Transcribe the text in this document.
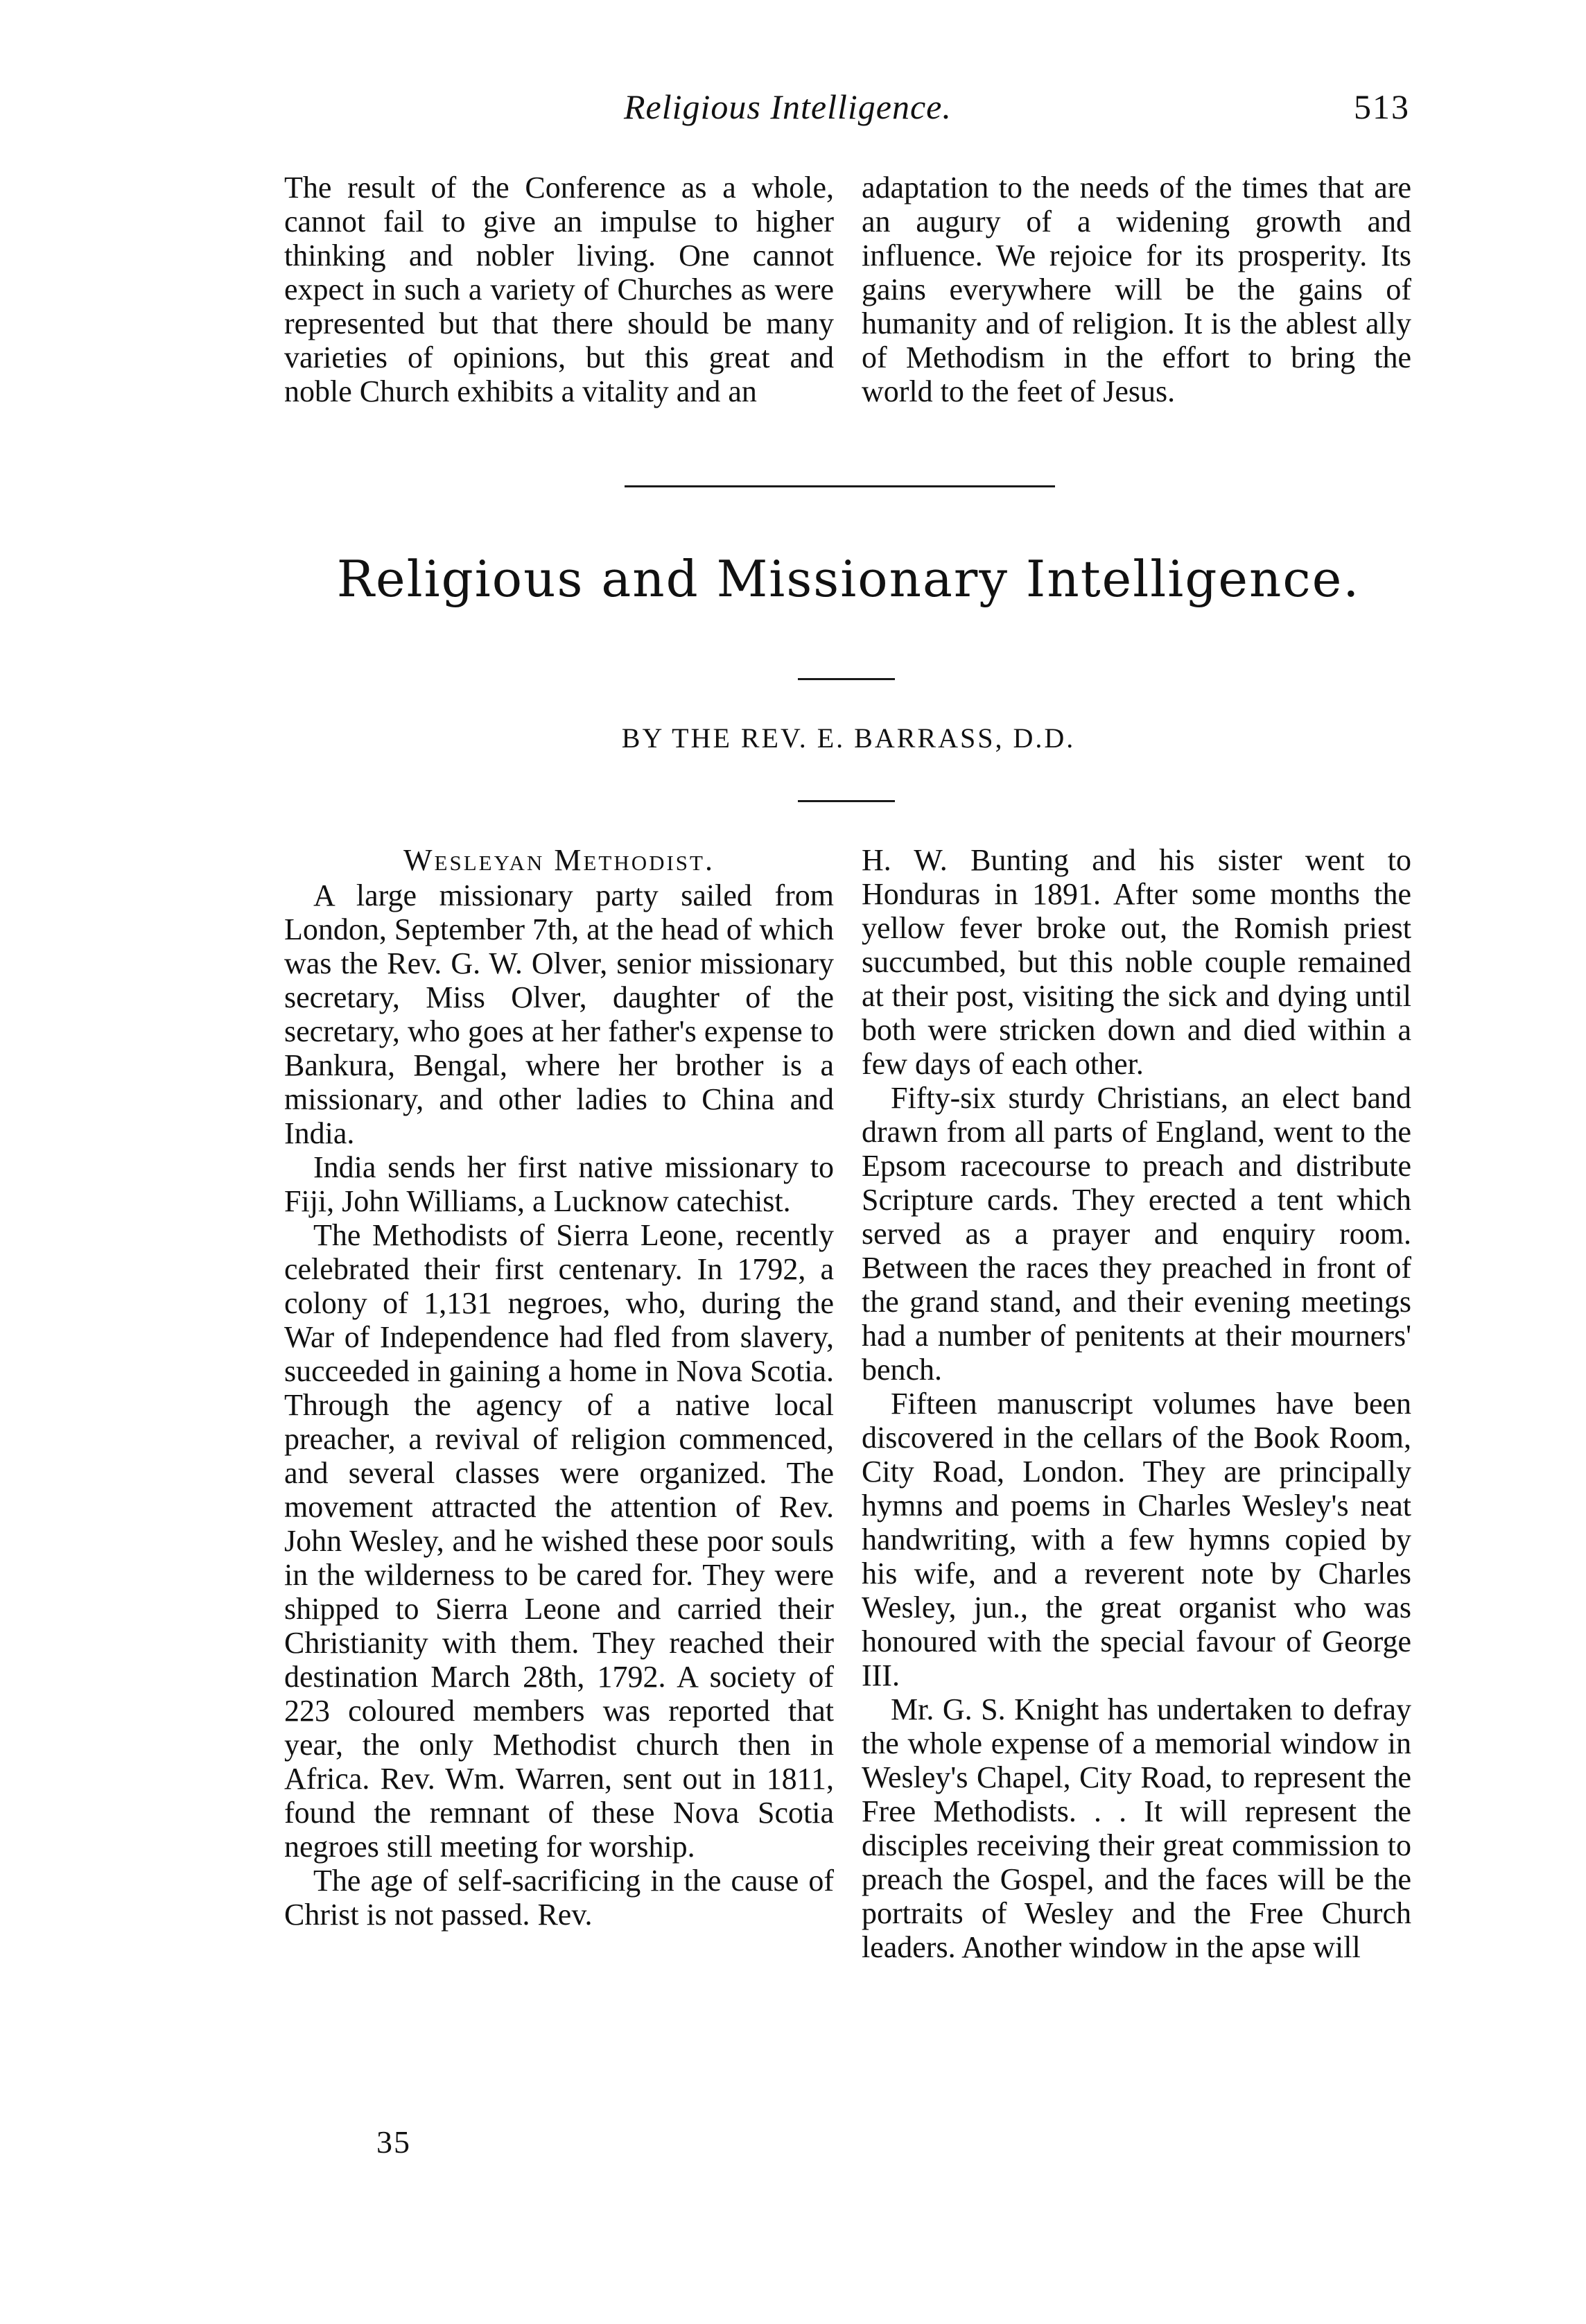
Religious Intelligence.	513

The result of the Conference as a whole, cannot fail to give an impulse to higher thinking and nobler living. One cannot expect in such a variety of Churches as were represented but that there should be many varieties of opinions, but this great and noble Church exhibits a vitality and an

adaptation to the needs of the times that are an augury of a widening growth and influence. We rejoice for its prosperity. Its gains everywhere will be the gains of humanity and of religion. It is the ablest ally of Methodism in the effort to bring the world to the feet of Jesus.

Religious and Missionary Intelligence.
BY THE REV. E. BARRASS, D.D.
Wesleyan Methodist.

A large missionary party sailed from London, September 7th, at the head of which was the Rev. G. W. Olver, senior missionary secretary, Miss Olver, daughter of the secretary, who goes at her father's expense to Bankura, Bengal, where her brother is a missionary, and other ladies to China and India.

India sends her first native missionary to Fiji, John Williams, a Lucknow catechist.

The Methodists of Sierra Leone, recently celebrated their first centenary. In 1792, a colony of 1,131 negroes, who, during the War of Independence had fled from slavery, succeeded in gaining a home in Nova Scotia. Through the agency of a native local preacher, a revival of religion commenced, and several classes were organized. The movement attracted the attention of Rev. John Wesley, and he wished these poor souls in the wilderness to be cared for. They were shipped to Sierra Leone and carried their Christianity with them. They reached their destination March 28th, 1792. A society of 223 coloured members was reported that year, the only Methodist church then in Africa. Rev. Wm. Warren, sent out in 1811, found the remnant of these Nova Scotia negroes still meeting for worship.

The age of self-sacrificing in the cause of Christ is not passed. Rev.

H. W. Bunting and his sister went to Honduras in 1891. After some months the yellow fever broke out, the Romish priest succumbed, but this noble couple remained at their post, visiting the sick and dying until both were stricken down and died within a few days of each other.

Fifty-six sturdy Christians, an elect band drawn from all parts of England, went to the Epsom racecourse to preach and distribute Scripture cards. They erected a tent which served as a prayer and enquiry room. Between the races they preached in front of the grand stand, and their evening meetings had a number of penitents at their mourners' bench.

Fifteen manuscript volumes have been discovered in the cellars of the Book Room, City Road, London. They are principally hymns and poems in Charles Wesley's neat handwriting, with a few hymns copied by his wife, and a reverent note by Charles Wesley, jun., the great organist who was honoured with the special favour of George III.

Mr. G. S. Knight has undertaken to defray the whole expense of a memorial window in Wesley's Chapel, City Road, to represent the Free Methodists. . . It will represent the disciples receiving their great commission to preach the Gospel, and the faces will be the portraits of Wesley and the Free Church leaders. Another window in the apse will

35
